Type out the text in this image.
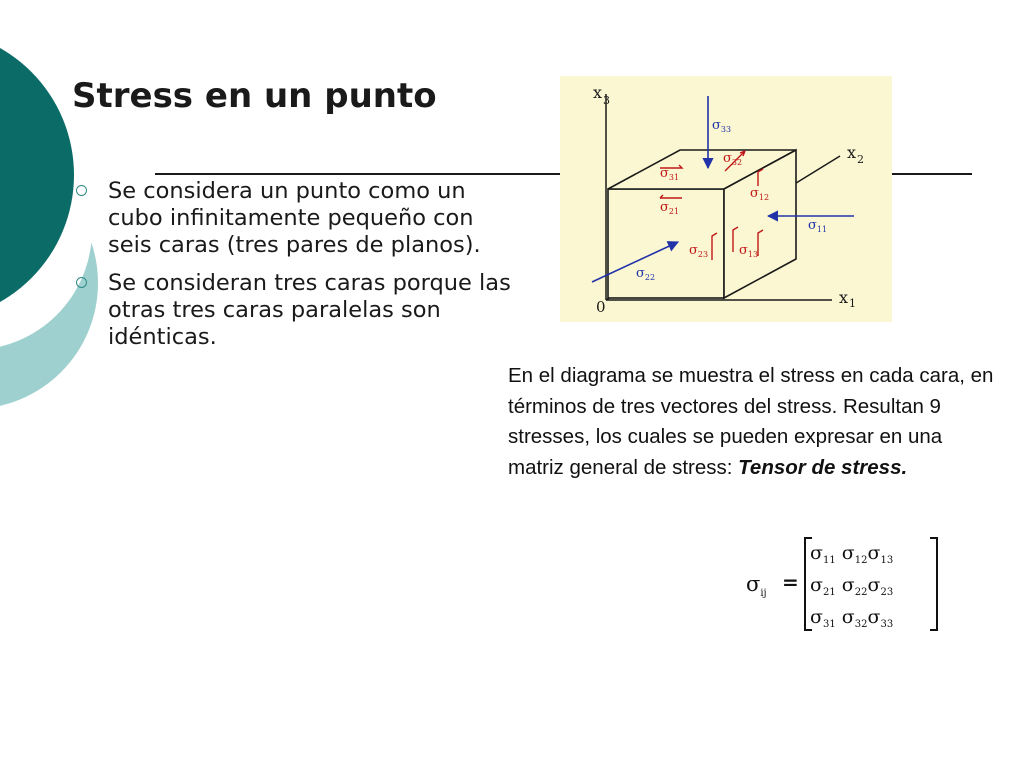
Stress en un punto
Se considera un punto como un cubo infinitamente pequeño con seis caras (tres pares de planos).
Se consideran tres caras porque las otras tres caras paralelas son idénticas.
x 3
x 2
x 1
0
$\sigma_{33}$
$\sigma_{32}$
$\sigma_{31}$
$\sigma_{21}$
$\sigma_{12}$
$\sigma_{11}$
$\sigma_{23}$ $\sigma_{13}$
$\sigma_{22}$
En el diagrama se muestra el stress en cada cara, en términos de tres vectores del stress. Resultan 9 stresses, los cuales se pueden expresar en una matriz general de stress: Tensor de stress.
$\sigma_{ij}$ =
$\sigma_{11}$ $\sigma_{12}\sigma_{13}$
$\sigma_{21}$ $\sigma_{22}\sigma_{23}$
$\sigma_{31}$ $\sigma_{32}\sigma_{33}$
